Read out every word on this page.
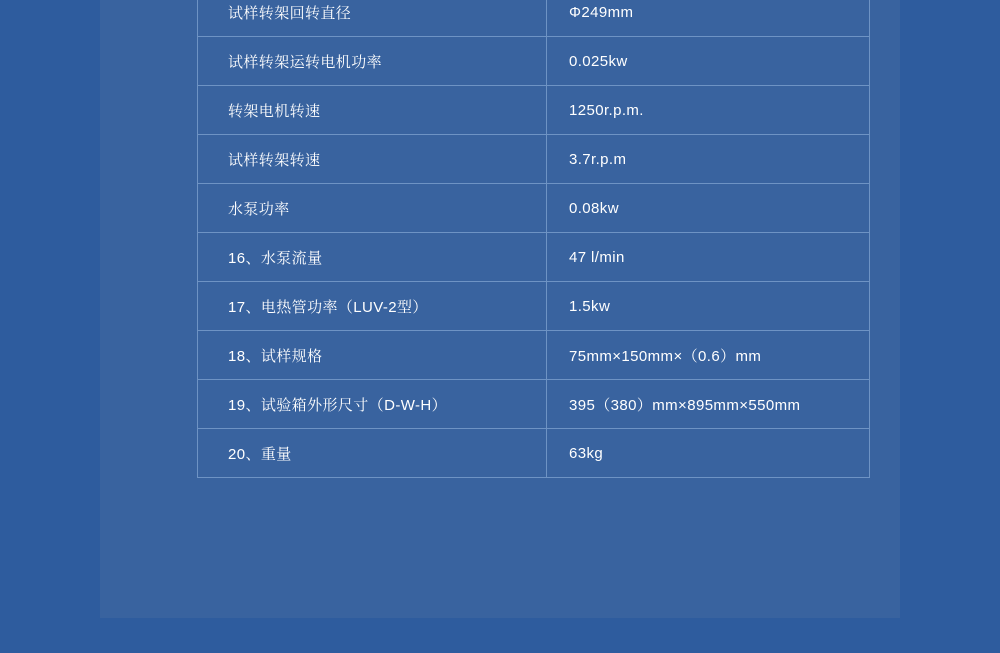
试样转架回转直径	Φ249mm
试样转架运转电机功率	0.025kw
转架电机转速	1250r.p.m.
试样转架转速	3.7r.p.m
水泵功率	0.08kw
16、水泵流量	47 l/min
17、电热管功率（LUV-2型）	1.5kw
18、试样规格	75mm×150mm×（0.6）mm
19、试验箱外形尺寸（D-W-H）	395（380）mm×895mm×550mm
20、重量	63kg
